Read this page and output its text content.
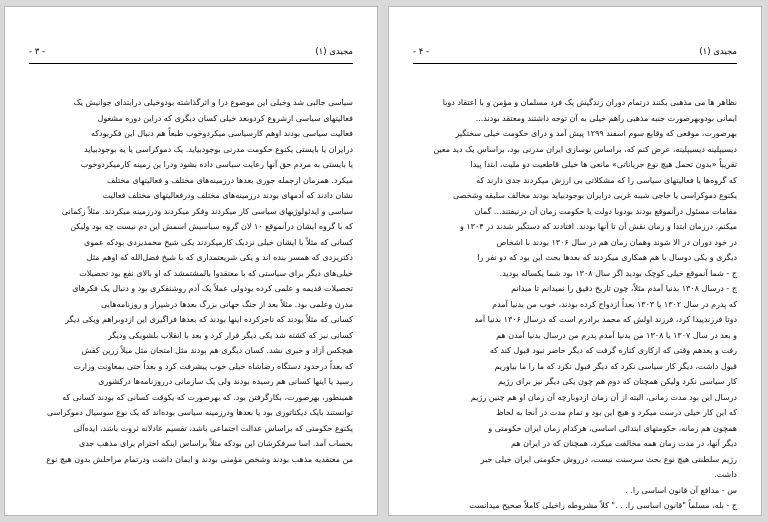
- ۳ -	مجیدی (۱)

سیاسی جالبی شد وخیلی این موضوع درا و اثرگذاشته بودوخیلی درابتدای جوانیش یک

فعالیتهای سیاسی ازشروع کردوبعد خیلی کسان دیگری که دراین دوره مشغول

فعالیت سیاسی بودند اوهم کارسیاسی میکردوخوب طبعاً هم دنبال این فکربودکه

درایران یا بایستی یکنوع حکومت مدرنی بوجودبیاید. یک دموکراسی یا یه بوجودبیاید

یا بایستی به مردم حق آنها رعایت سیاسی داده بشود ودرا ین زمینه کارمیکردوخوب

میکرد. همزمان ازجمله جوری بعدها درزمینه‌های مختلف و فعالیتهای مختلف

نشان دادند که آدمهای بودند درزمینه‌های مختلف ودرفعالیتهای مختلف فعالیت

سیاسی و ایدئولوژیهای سیاسی کار میکردند وفکر میکردند ودرزمینه میکردند. مثلاً زکمانی

که با گروه ایشان درآنموقع ۱۰ لان گروه سیاسیش اسمش این دم نیست چه بود ولیکن

کسانی که مثلاً با ایشان خیلی نزدیک کارمیکردند یکی شیخ محمدیزدی بودکه عموی

دکتریزدی که همسر بنده اند و یکی شریعتمداری که با شیخ فضل‌الله که اوهم مثل

خیلی‌های دیگر برای سیاستی که با معتقدوا بالمشتمشد که او بالای نفع بود تحصیلات

تحصیلات قدیمه و علمی کرده بودولی عملاً یک آدم روشنفکری بود و دنبال یک فکرهای

مدرن وعلمی بود. مثلاً بعد از جنگ جهانی بزرگ بعدها درشیراز و روزنامه‌هایی

کسانی که مثلاً بودند که تاجرکرده اینها بودند که بعدها فراگیری این ازدوبراهم ویکی دیگر

کسانی نیز که کشته شد یکی دیگر فرار کرد و بعد با انقلاب بلشویکی ودیگر

هیچکس آزاد و خبری نشد. کسان دیگری هم بودند مثل امتحان مثل میلاً زرین کفش

که بعداً درحدود دستگاه رضاشاه خیلی خوب پیشرفت کرد و بعداً حتی بمعاونت وزارت

رسید یا اینها کسانی هم رسیده بودند ولی یک سازمانی درروزنامه‌ها درکشوری

همینطور، بهرصورت، بکارگرفتن بود. که بهرصورت که یکوقت کسانی که بودند کسانی که

توانستند بایک دیکتاتوری بود یا بعدها ودرزمینه سیاسی بوده‌اند که یک نوع سوسیال دموکراسی

یکنوع حکومتی که براساس عدالت اجتماعی باشد، تقسیم عادلانه ثروت باشد، ایده‌آلی

بحساب آمد. اسا سرفکرشان این بودکه مثلاً براساس اینکه احترام برای مذهب جدی

من معتقدیه مذهب بودند وشخص مؤمنی بودند و ایمان داشت ودرتمام مراحلش بدون هیچ نوع

- ۴ -	مجیدی (۱)

نظاهر ها می مذهبی بکنند درتمام دوران زندگیش یک فرد مسلمان و مؤمن و با اعتقاد دوبا

ایمانی بودوبهرصورت جنبه مذهبی راهم خیلی به آن توجه داشتند ومعتقد بودند...

بهرصورت، موقعی که وقایع سوم اسفند ۱۲۹۹ پیش آمد و درای حکومت خیلی سختگیر

دیسیپلینه دیسیپلینه، عرض کنم که، براساس نوسازی ایران مدرنی بود، براساس یک دید معین

تقریباً «بدون تحمل هیچ نوع جریاناتی» مانعی ها خیلی قاطعیت دو ملیت، ابتدا پیدا

که گروه‌ها یا فعالیتهای سیاسی را که مشکلاتی بی ارزش میکردند جدی دارند که

یکنوع دموکراسی یا حاجی شیبه غربی درایران بوجودبیاید بودند مخالف سلیقه وشخصی

مقامات مسئول درآنموقع بودند بودوبا دولت یا حکومت زمان آن درنیفتند... گمان

میکنم، درزمان ابتدا و زمان نقش آن تا آنها بودند. افتادند که دستگیر شدند در ۱۳۰۴ و

در خود دوران در الا شوند وهمان زمان هم در سال ۱۳۰۶ بودند با اشخاص

دیگری و یکی دوسال با هم همکاری میکردند که بعدها بحث این بود که دو نفر را

ج - شما آنموقع خیلی کوچک بودید اگر سال ۱۳۰۸ بود شما یکساله بودید.

ج - درسال ۱۳۰۸ بدنیا آمدم مثلاً، چون تاریخ دقیق را نمیدانم تا میدانم

که پدرم در سال ۱۳۰۲ یا ۱۳۰۳ بعداً ازدواج کرده بودند، خوب من بدنیا آمدم

دوتا فرزندپیدا کرد، فرزند اولش که محمد برادرم است که درسال ۱۳۰۶ بدنیا آمد

و بعد در سال ۱۳۰۷ یا ۱۳۰۸ من بدنیا آمدم پدرم من درسال بدنیا آمدن هم

رفت و بعدهم وقتی که ازکاری کناره گرفت که دیگر حاضر نبود قبول کند که

قبول داشت، دیگر کار سیاسی نکرد که دیگر قبول نکرد که ما را ما بیاوریم

کار سیاسی نکرد ولیکن همچنان که دوم هم چون یکی دیگر نیز برای رژیم

درسال این بود مدت زمانی، البته از آن زمان ازدوبارچه آن زمان او هم چنین رژیم

که این کار خیلی درست میکرد و هیچ این بود و تمام مدت در آنجا به لحاظ

همچون هم زمانه، حکومتهای ابتدائی اساسی، هرکدام زمان ایران حکومتی و

دیگر آنها، در مدت زمان همه مخالفت میکرد، همچنان که در ایران هم

رژیم سلطنتی هیچ نوع بحث سرسنت نیست، درروش حکومتی ایران خیلی جبر

داشت.

س - مدافع آن قانون اساسی را. .

ج - بله، مسلماً "قانون اساسی را. . ." کلاً مشروطه راخیلی کاملاً صحیح میدانست
